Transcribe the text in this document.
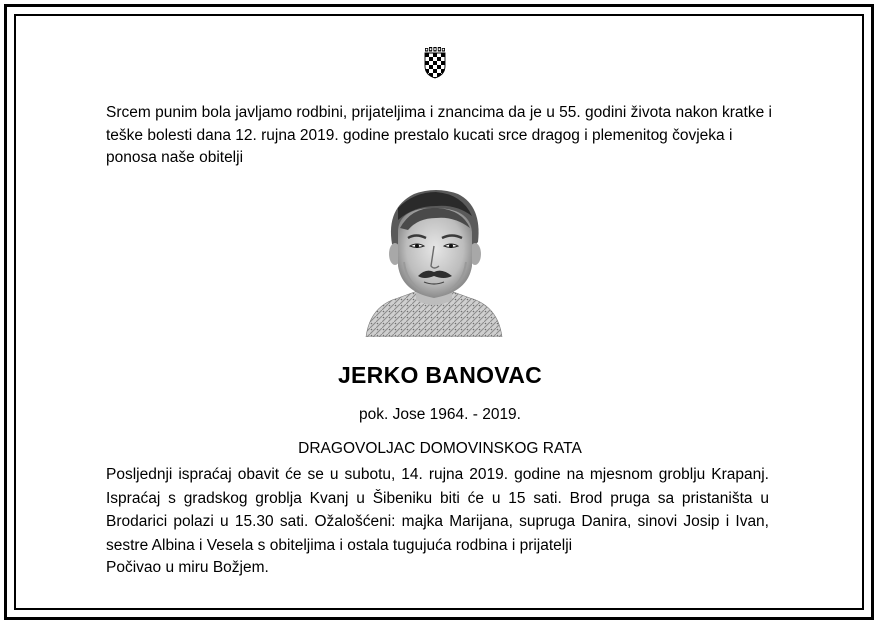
Srcem punim bola javljamo rodbini, prijateljima i znancima da je u 55. godini života nakon kratke i teške bolesti dana 12. rujna 2019. godine prestalo kucati srce dragog i plemenitog čovjeka i ponosa naše obitelji

JERKO BANOVAC

pok. Jose 1964. - 2019.

DRAGOVOLJAC DOMOVINSKOG RATA

Posljednji ispraćaj obavit će se u subotu, 14. rujna 2019. godine na mjesnom groblju Krapanj. Ispraćaj s gradskog groblja Kvanj u Šibeniku biti će u 15 sati. Brod pruga sa pristaništa u Brodarici polazi u 15.30 sati. Ožalošćeni: majka Marijana, supruga Danira, sinovi Josip i Ivan, sestre Albina i Vesela s obiteljima i ostala tugujuća rodbina i prijatelji

Počivao u miru Božjem.
